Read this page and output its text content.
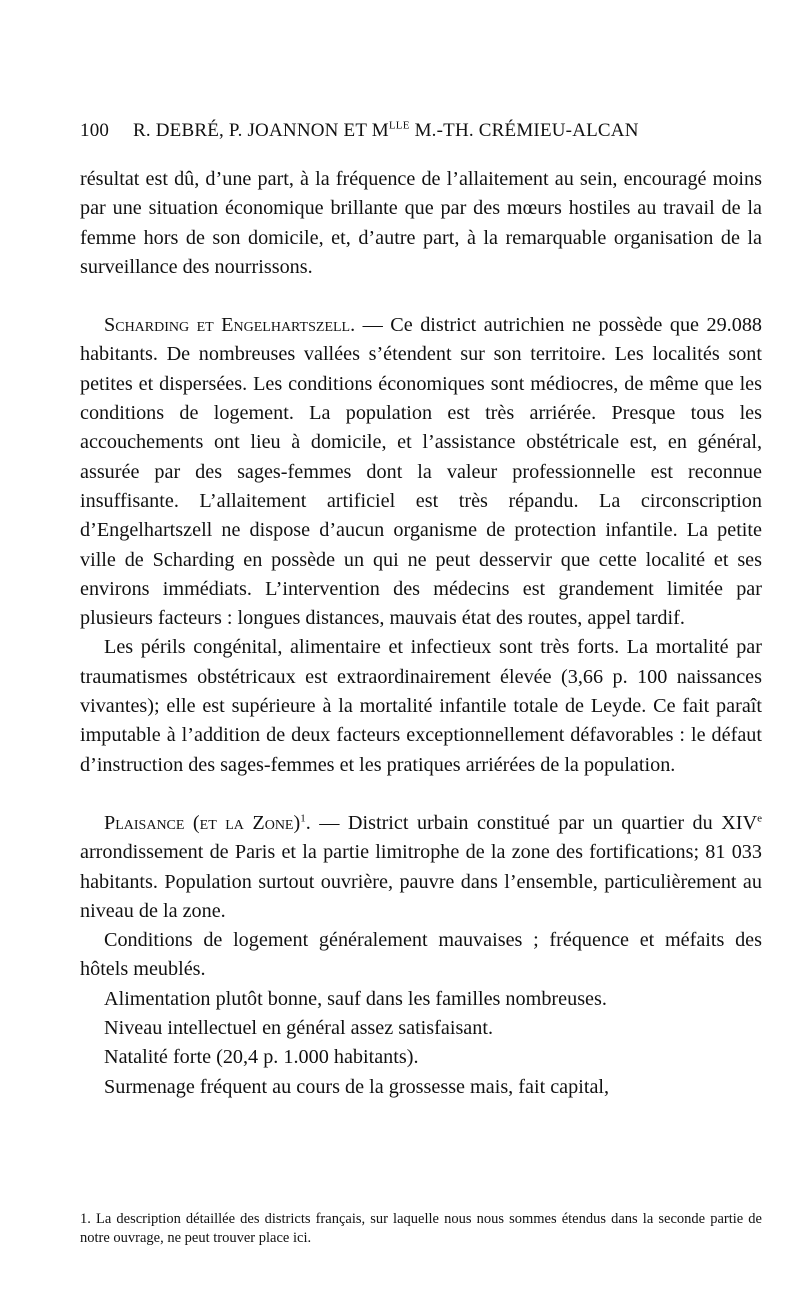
100 R. DEBRÉ, P. JOANNON ET $M^{LLE}$ M.-TH. CRÉMIEU-ALCAN

résultat est dû, d’une part, à la fréquence de l’allaitement au sein, encouragé moins par une situation économique brillante que par des mœurs hostiles au travail de la femme hors de son domicile, et, d’autre part, à la remarquable organisation de la surveillance des nourrissons.

Scharding et Engelhartszell. — Ce district autrichien ne possède que 29.088 habitants. De nombreuses vallées s’étendent sur son territoire. Les localités sont petites et dispersées. Les conditions économiques sont médiocres, de même que les conditions de logement. La population est très arriérée. Presque tous les accouchements ont lieu à domicile, et l’assistance obstétricale est, en général, assurée par des sages-femmes dont la valeur professionnelle est reconnue insuffisante. L’allaitement artificiel est très répandu. La circonscription d’Engelhartszell ne dispose d’aucun organisme de protection infantile. La petite ville de Scharding en possède un qui ne peut desservir que cette localité et ses environs immédiats. L’intervention des médecins est grandement limitée par plusieurs facteurs : longues distances, mauvais état des routes, appel tardif.

Les périls congénital, alimentaire et infectieux sont très forts. La mortalité par traumatismes obstétricaux est extraordinairement élevée (3,66 p. 100 naissances vivantes); elle est supérieure à la mortalité infantile totale de Leyde. Ce fait paraît imputable à l’addition de deux facteurs exceptionnellement défavorables : le défaut d’instruction des sages-femmes et les pratiques arriérées de la population.

Plaisance (et la Zone)$^1$. — District urbain constitué par un quartier du XIVe arrondissement de Paris et la partie limitrophe de la zone des fortifications; 81 033 habitants. Population surtout ouvrière, pauvre dans l’ensemble, particulièrement au niveau de la zone.

Conditions de logement généralement mauvaises ; fréquence et méfaits des hôtels meublés.

Alimentation plutôt bonne, sauf dans les familles nombreuses.

Niveau intellectuel en général assez satisfaisant.

Natalité forte (20,4 p. 1.000 habitants).

Surmenage fréquent au cours de la grossesse mais, fait capital,

1. La description détaillée des districts français, sur laquelle nous nous sommes étendus dans la seconde partie de notre ouvrage, ne peut trouver place ici.
